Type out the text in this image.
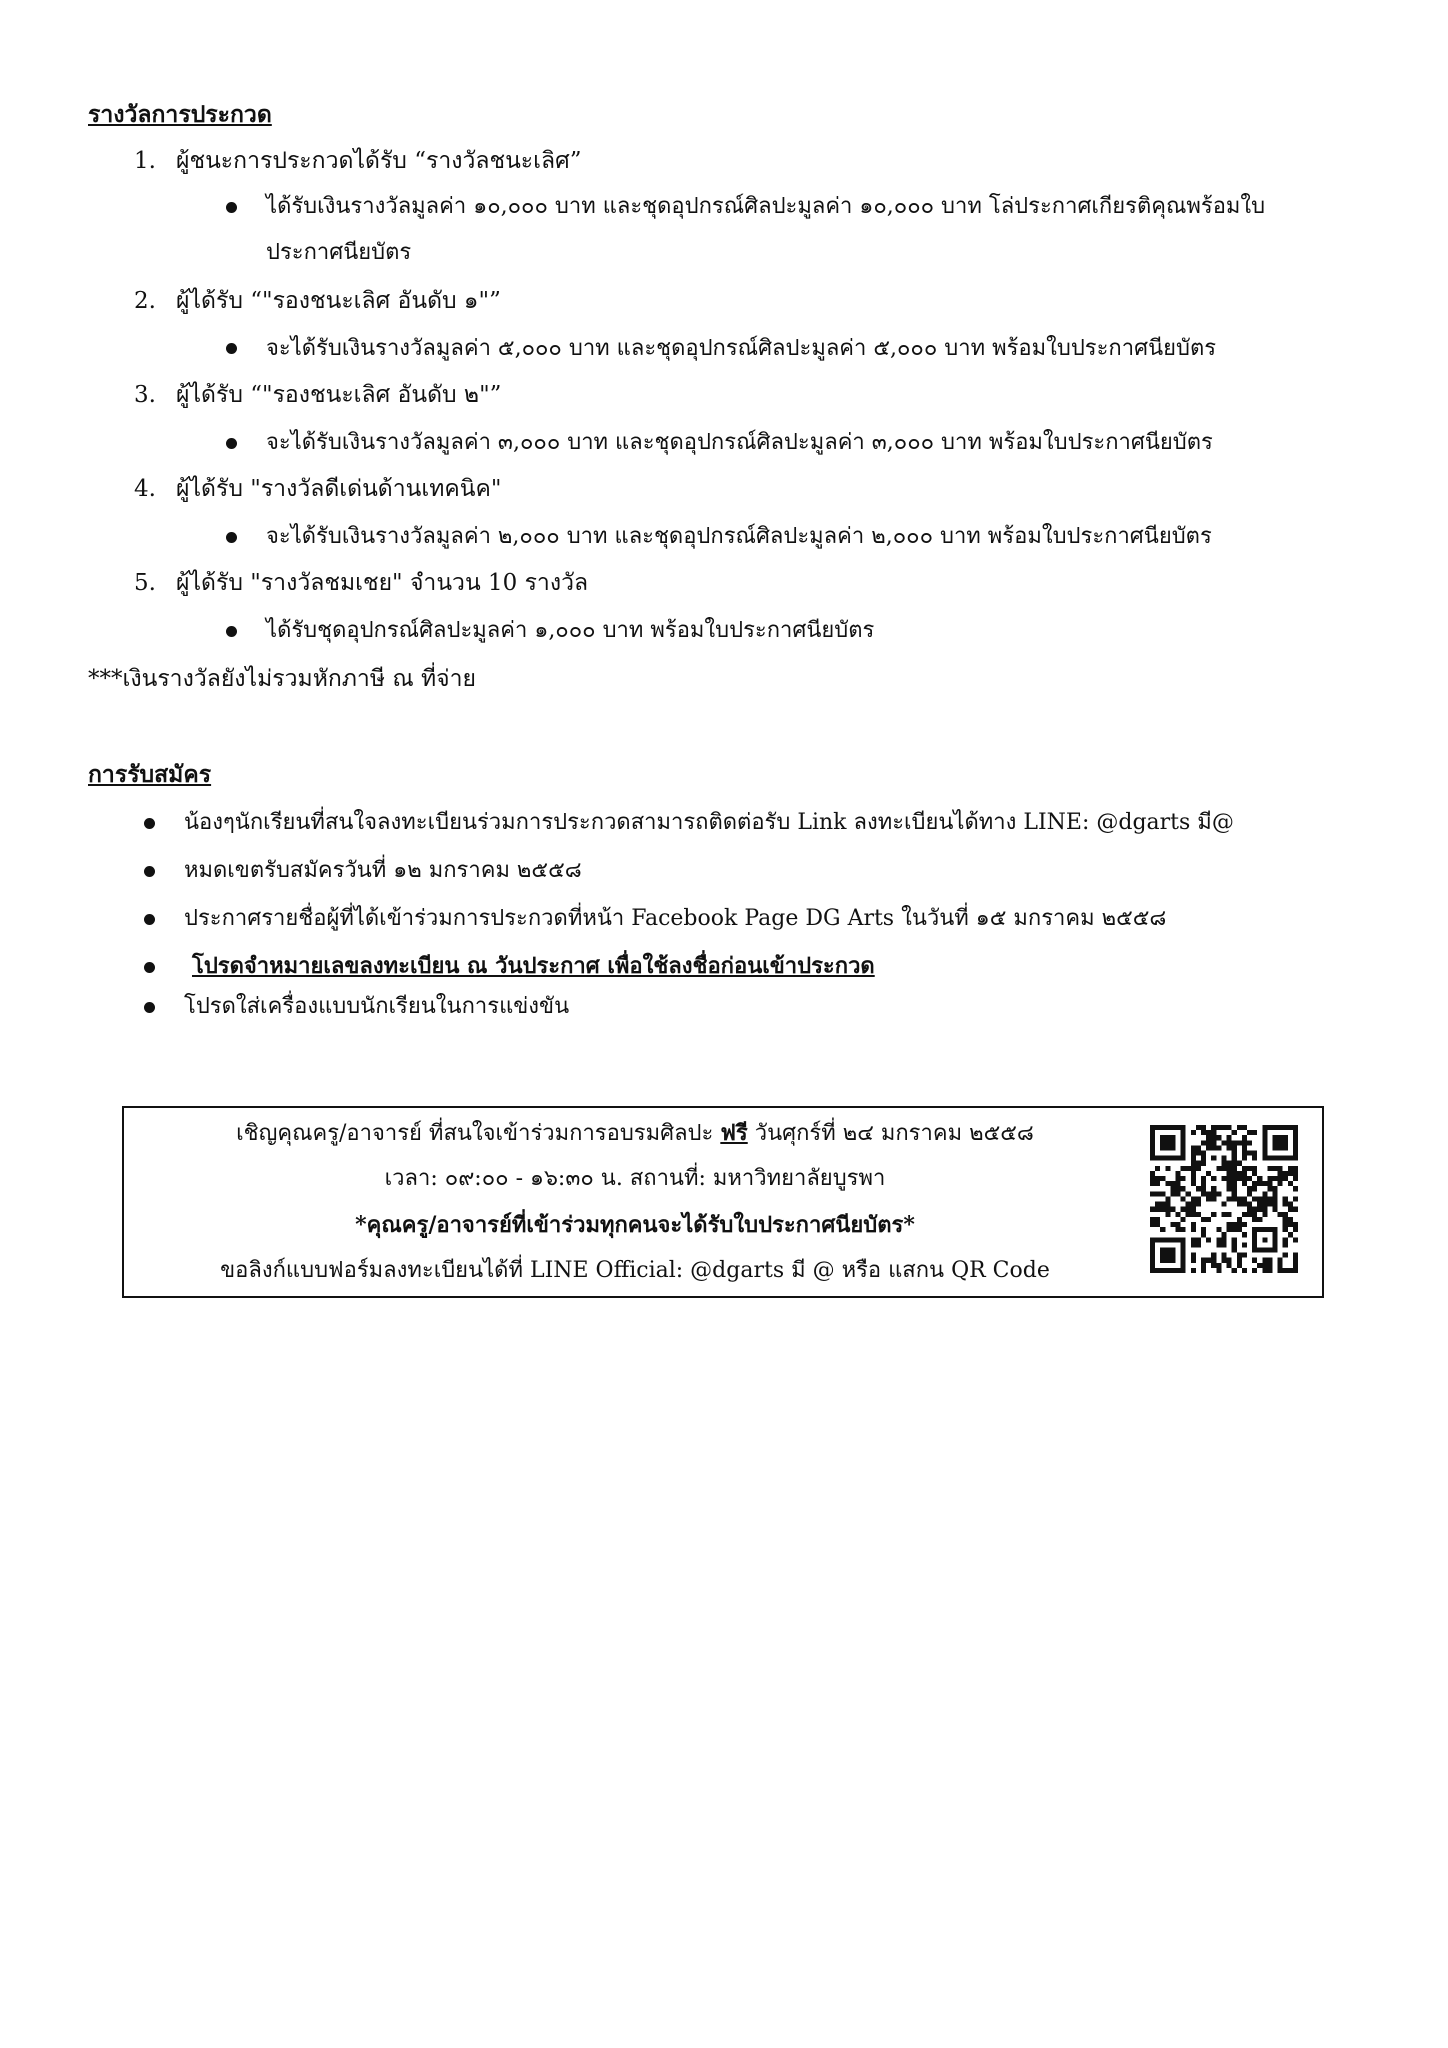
รางวัลการประกวด
1. ผู้ชนะการประกวดได้รับ “รางวัลชนะเลิศ”
ได้รับเงินรางวัลมูลค่า ๑๐,๐๐๐ บาท และชุดอุปกรณ์ศิลปะมูลค่า ๑๐,๐๐๐ บาท โล่ประกาศเกียรติคุณพร้อมใบ
ประกาศนียบัตร
2. ผู้ได้รับ “"รองชนะเลิศ อันดับ ๑"”
จะได้รับเงินรางวัลมูลค่า ๕,๐๐๐ บาท และชุดอุปกรณ์ศิลปะมูลค่า ๕,๐๐๐ บาท พร้อมใบประกาศนียบัตร
3. ผู้ได้รับ “"รองชนะเลิศ อันดับ ๒"”
จะได้รับเงินรางวัลมูลค่า ๓,๐๐๐ บาท และชุดอุปกรณ์ศิลปะมูลค่า ๓,๐๐๐ บาท พร้อมใบประกาศนียบัตร
4. ผู้ได้รับ "รางวัลดีเด่นด้านเทคนิค"
จะได้รับเงินรางวัลมูลค่า ๒,๐๐๐ บาท และชุดอุปกรณ์ศิลปะมูลค่า ๒,๐๐๐ บาท พร้อมใบประกาศนียบัตร
5. ผู้ได้รับ "รางวัลชมเชย" จำนวน 10 รางวัล
ได้รับชุดอุปกรณ์ศิลปะมูลค่า ๑,๐๐๐ บาท พร้อมใบประกาศนียบัตร
***เงินรางวัลยังไม่รวมหักภาษี ณ ที่จ่าย
การรับสมัคร
น้องๆนักเรียนที่สนใจลงทะเบียนร่วมการประกวดสามารถติดต่อรับ Link ลงทะเบียนได้ทาง LINE: @dgarts มี@
หมดเขตรับสมัครวันที่ ๑๒ มกราคม ๒๕๕๘
ประกาศรายชื่อผู้ที่ได้เข้าร่วมการประกวดที่หน้า Facebook Page DG Arts ในวันที่ ๑๕ มกราคม ๒๕๕๘
โปรดจำหมายเลขลงทะเบียน ณ วันประกาศ เพื่อใช้ลงชื่อก่อนเข้าประกวด
โปรดใส่เครื่องแบบนักเรียนในการแข่งขัน
เชิญคุณครู/อาจารย์ ที่สนใจเข้าร่วมการอบรมศิลปะ ฟรี วันศุกร์ที่ ๒๔ มกราคม ๒๕๕๘
เวลา: ๐๙:๐๐ - ๑๖:๓๐ น. สถานที่: มหาวิทยาลัยบูรพา
*คุณครู/อาจารย์ที่เข้าร่วมทุกคนจะได้รับใบประกาศนียบัตร*
ขอลิงก์แบบฟอร์มลงทะเบียนได้ที่ LINE Official: @dgarts มี @ หรือ แสกน QR Code
